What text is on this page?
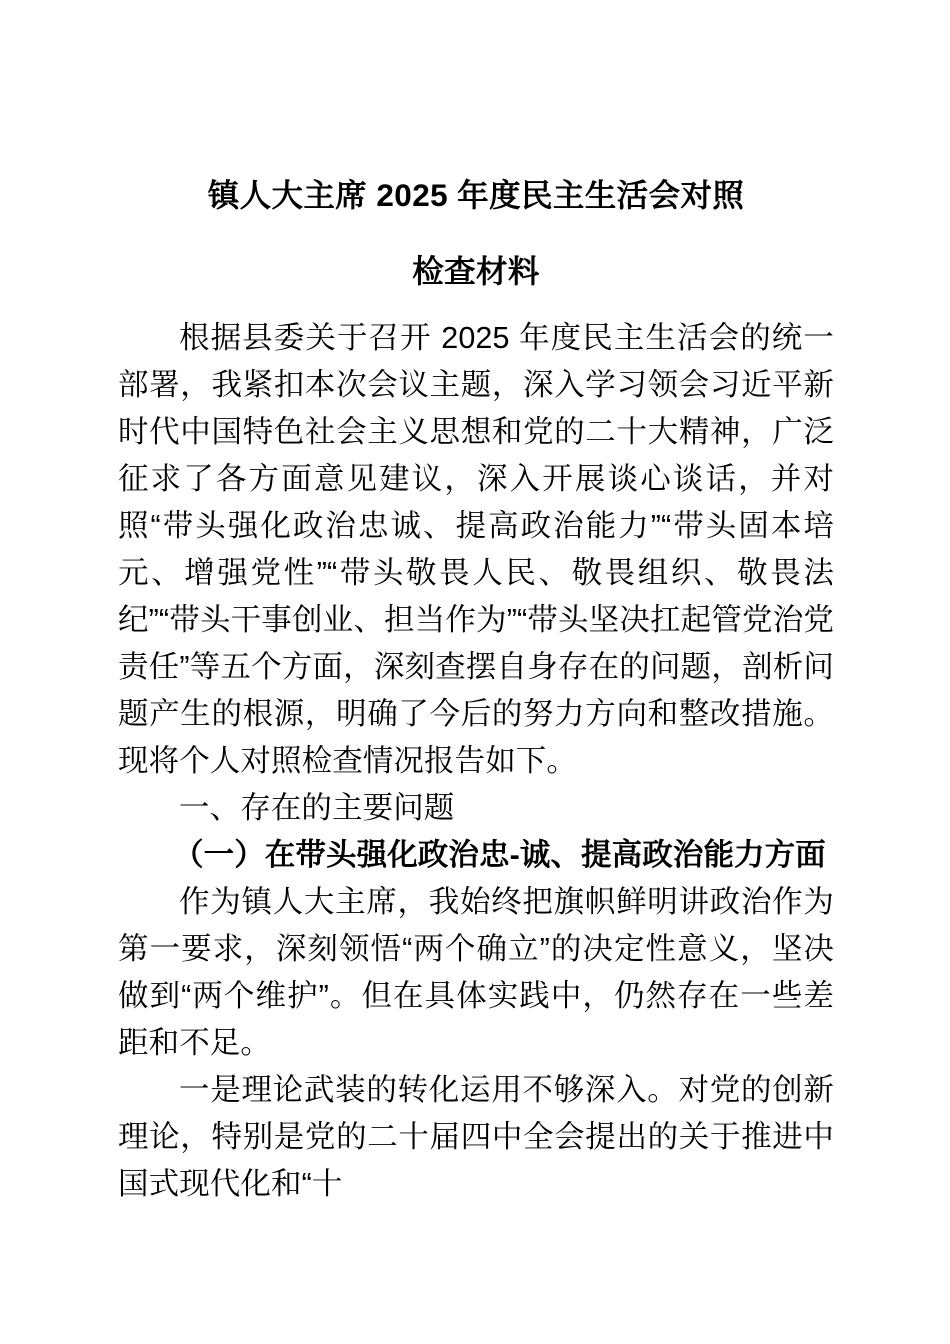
镇人大主席 2025 年度民主生活会对照
检查材料

根据县委关于召开 2025 年度民主生活会的统一部署，我紧扣本次会议主题，深入学习领会习近平新时代中国特色社会主义思想和党的二十大精神，广泛征求了各方面意见建议，深入开展谈心谈话，并对照“带头强化政治忠诚、提高政治能力”“带头固本培元、增强党性”“带头敬畏人民、敬畏组织、敬畏法纪”“带头干事创业、担当作为”“带头坚决扛起管党治党责任”等五个方面，深刻查摆自身存在的问题，剖析问题产生的根源，明确了今后的努力方向和整改措施。现将个人对照检查情况报告如下。

一、存在的主要问题

（一）在带头强化政治忠-诚、提高政治能力方面

作为镇人大主席，我始终把旗帜鲜明讲政治作为第一要求，深刻领悟“两个确立”的决定性意义，坚决做到“两个维护”。但在具体实践中，仍然存在一些差距和不足。

一是理论武装的转化运用不够深入。对党的创新理论，特别是党的二十届四中全会提出的关于推进中国式现代化和“十
